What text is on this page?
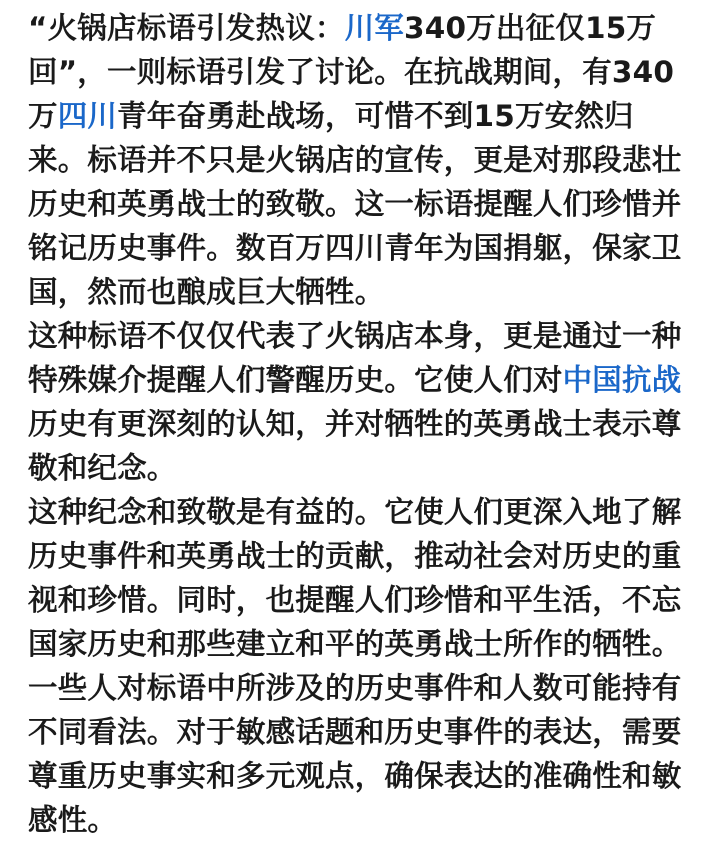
“火锅店标语引发热议：川军340万出征仅15万回”，一则标语引发了讨论。在抗战期间，有340万四川青年奋勇赴战场，可惜不到15万安然归来。标语并不只是火锅店的宣传，更是对那段悲壮历史和英勇战士的致敬。这一标语提醒人们珍惜并铭记历史事件。数百万四川青年为国捐躯，保家卫国，然而也酿成巨大牺牲。

这种标语不仅仅代表了火锅店本身，更是通过一种特殊媒介提醒人们警醒历史。它使人们对中国抗战历史有更深刻的认知，并对牺牲的英勇战士表示尊敬和纪念。

这种纪念和致敬是有益的。它使人们更深入地了解历史事件和英勇战士的贡献，推动社会对历史的重视和珍惜。同时，也提醒人们珍惜和平生活，不忘国家历史和那些建立和平的英勇战士所作的牺牲。

一些人对标语中所涉及的历史事件和人数可能持有不同看法。对于敏感话题和历史事件的表达，需要尊重历史事实和多元观点，确保表达的准确性和敏感性。
